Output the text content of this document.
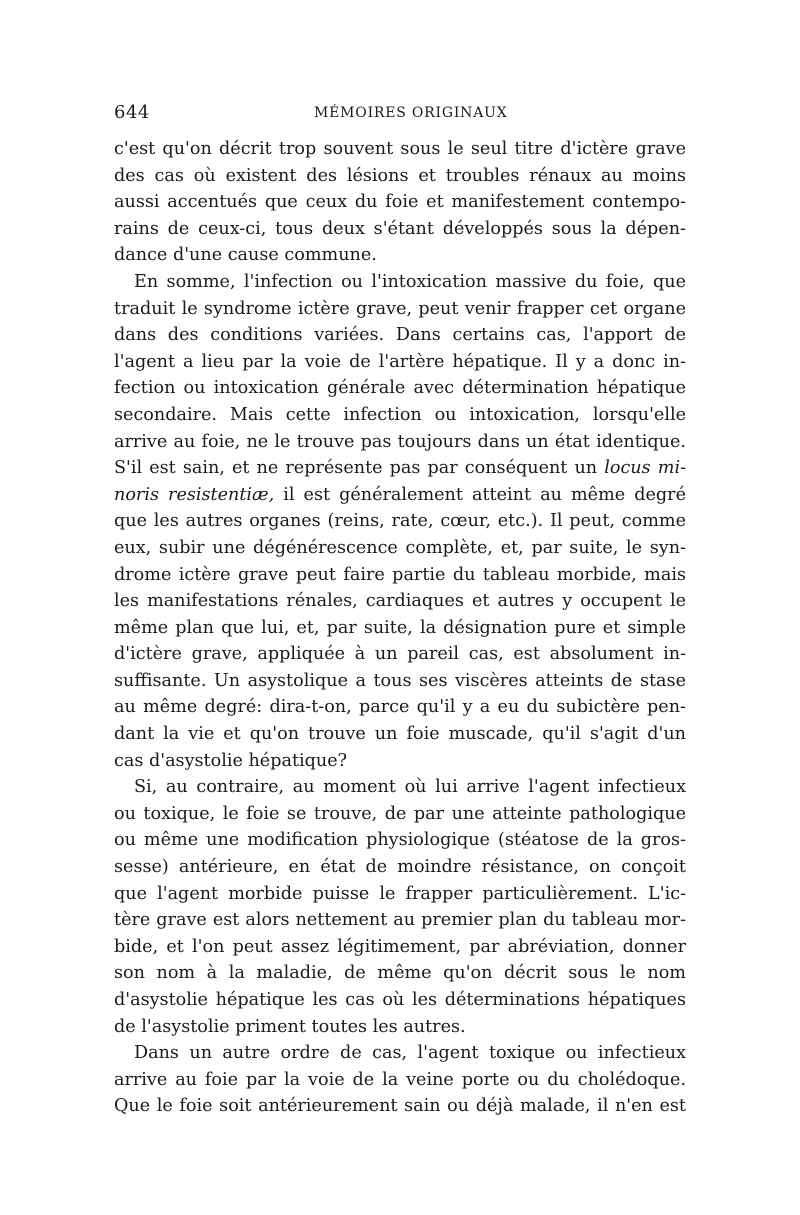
644	MÉMOIRES ORIGINAUX
c'est qu'on décrit trop souvent sous le seul titre d'ictère grave
des cas où existent des lésions et troubles rénaux au moins
aussi accentués que ceux du foie et manifestement contempo-
rains de ceux-ci, tous deux s'étant développés sous la dépen-
dance d'une cause commune.
En somme, l'infection ou l'intoxication massive du foie, que
traduit le syndrome ictère grave, peut venir frapper cet organe
dans des conditions variées. Dans certains cas, l'apport de
l'agent a lieu par la voie de l'artère hépatique. Il y a donc in-
fection ou intoxication générale avec détermination hépatique
secondaire. Mais cette infection ou intoxication, lorsqu'elle
arrive au foie, ne le trouve pas toujours dans un état identique.
S'il est sain, et ne représente pas par conséquent un locus mi-
noris resistentiæ, il est généralement atteint au même degré
que les autres organes (reins, rate, cœur, etc.). Il peut, comme
eux, subir une dégénérescence complète, et, par suite, le syn-
drome ictère grave peut faire partie du tableau morbide, mais
les manifestations rénales, cardiaques et autres y occupent le
même plan que lui, et, par suite, la désignation pure et simple
d'ictère grave, appliquée à un pareil cas, est absolument in-
suffisante. Un asystolique a tous ses viscères atteints de stase
au même degré: dira-t-on, parce qu'il y a eu du subictère pen-
dant la vie et qu'on trouve un foie muscade, qu'il s'agit d'un
cas d'asystolie hépatique?
Si, au contraire, au moment où lui arrive l'agent infectieux
ou toxique, le foie se trouve, de par une atteinte pathologique
ou même une modification physiologique (stéatose de la gros-
sesse) antérieure, en état de moindre résistance, on conçoit
que l'agent morbide puisse le frapper particulièrement. L'ic-
tère grave est alors nettement au premier plan du tableau mor-
bide, et l'on peut assez légitimement, par abréviation, donner
son nom à la maladie, de même qu'on décrit sous le nom
d'asystolie hépatique les cas où les déterminations hépatiques
de l'asystolie priment toutes les autres.
Dans un autre ordre de cas, l'agent toxique ou infectieux
arrive au foie par la voie de la veine porte ou du cholédoque.
Que le foie soit antérieurement sain ou déjà malade, il n'en est
